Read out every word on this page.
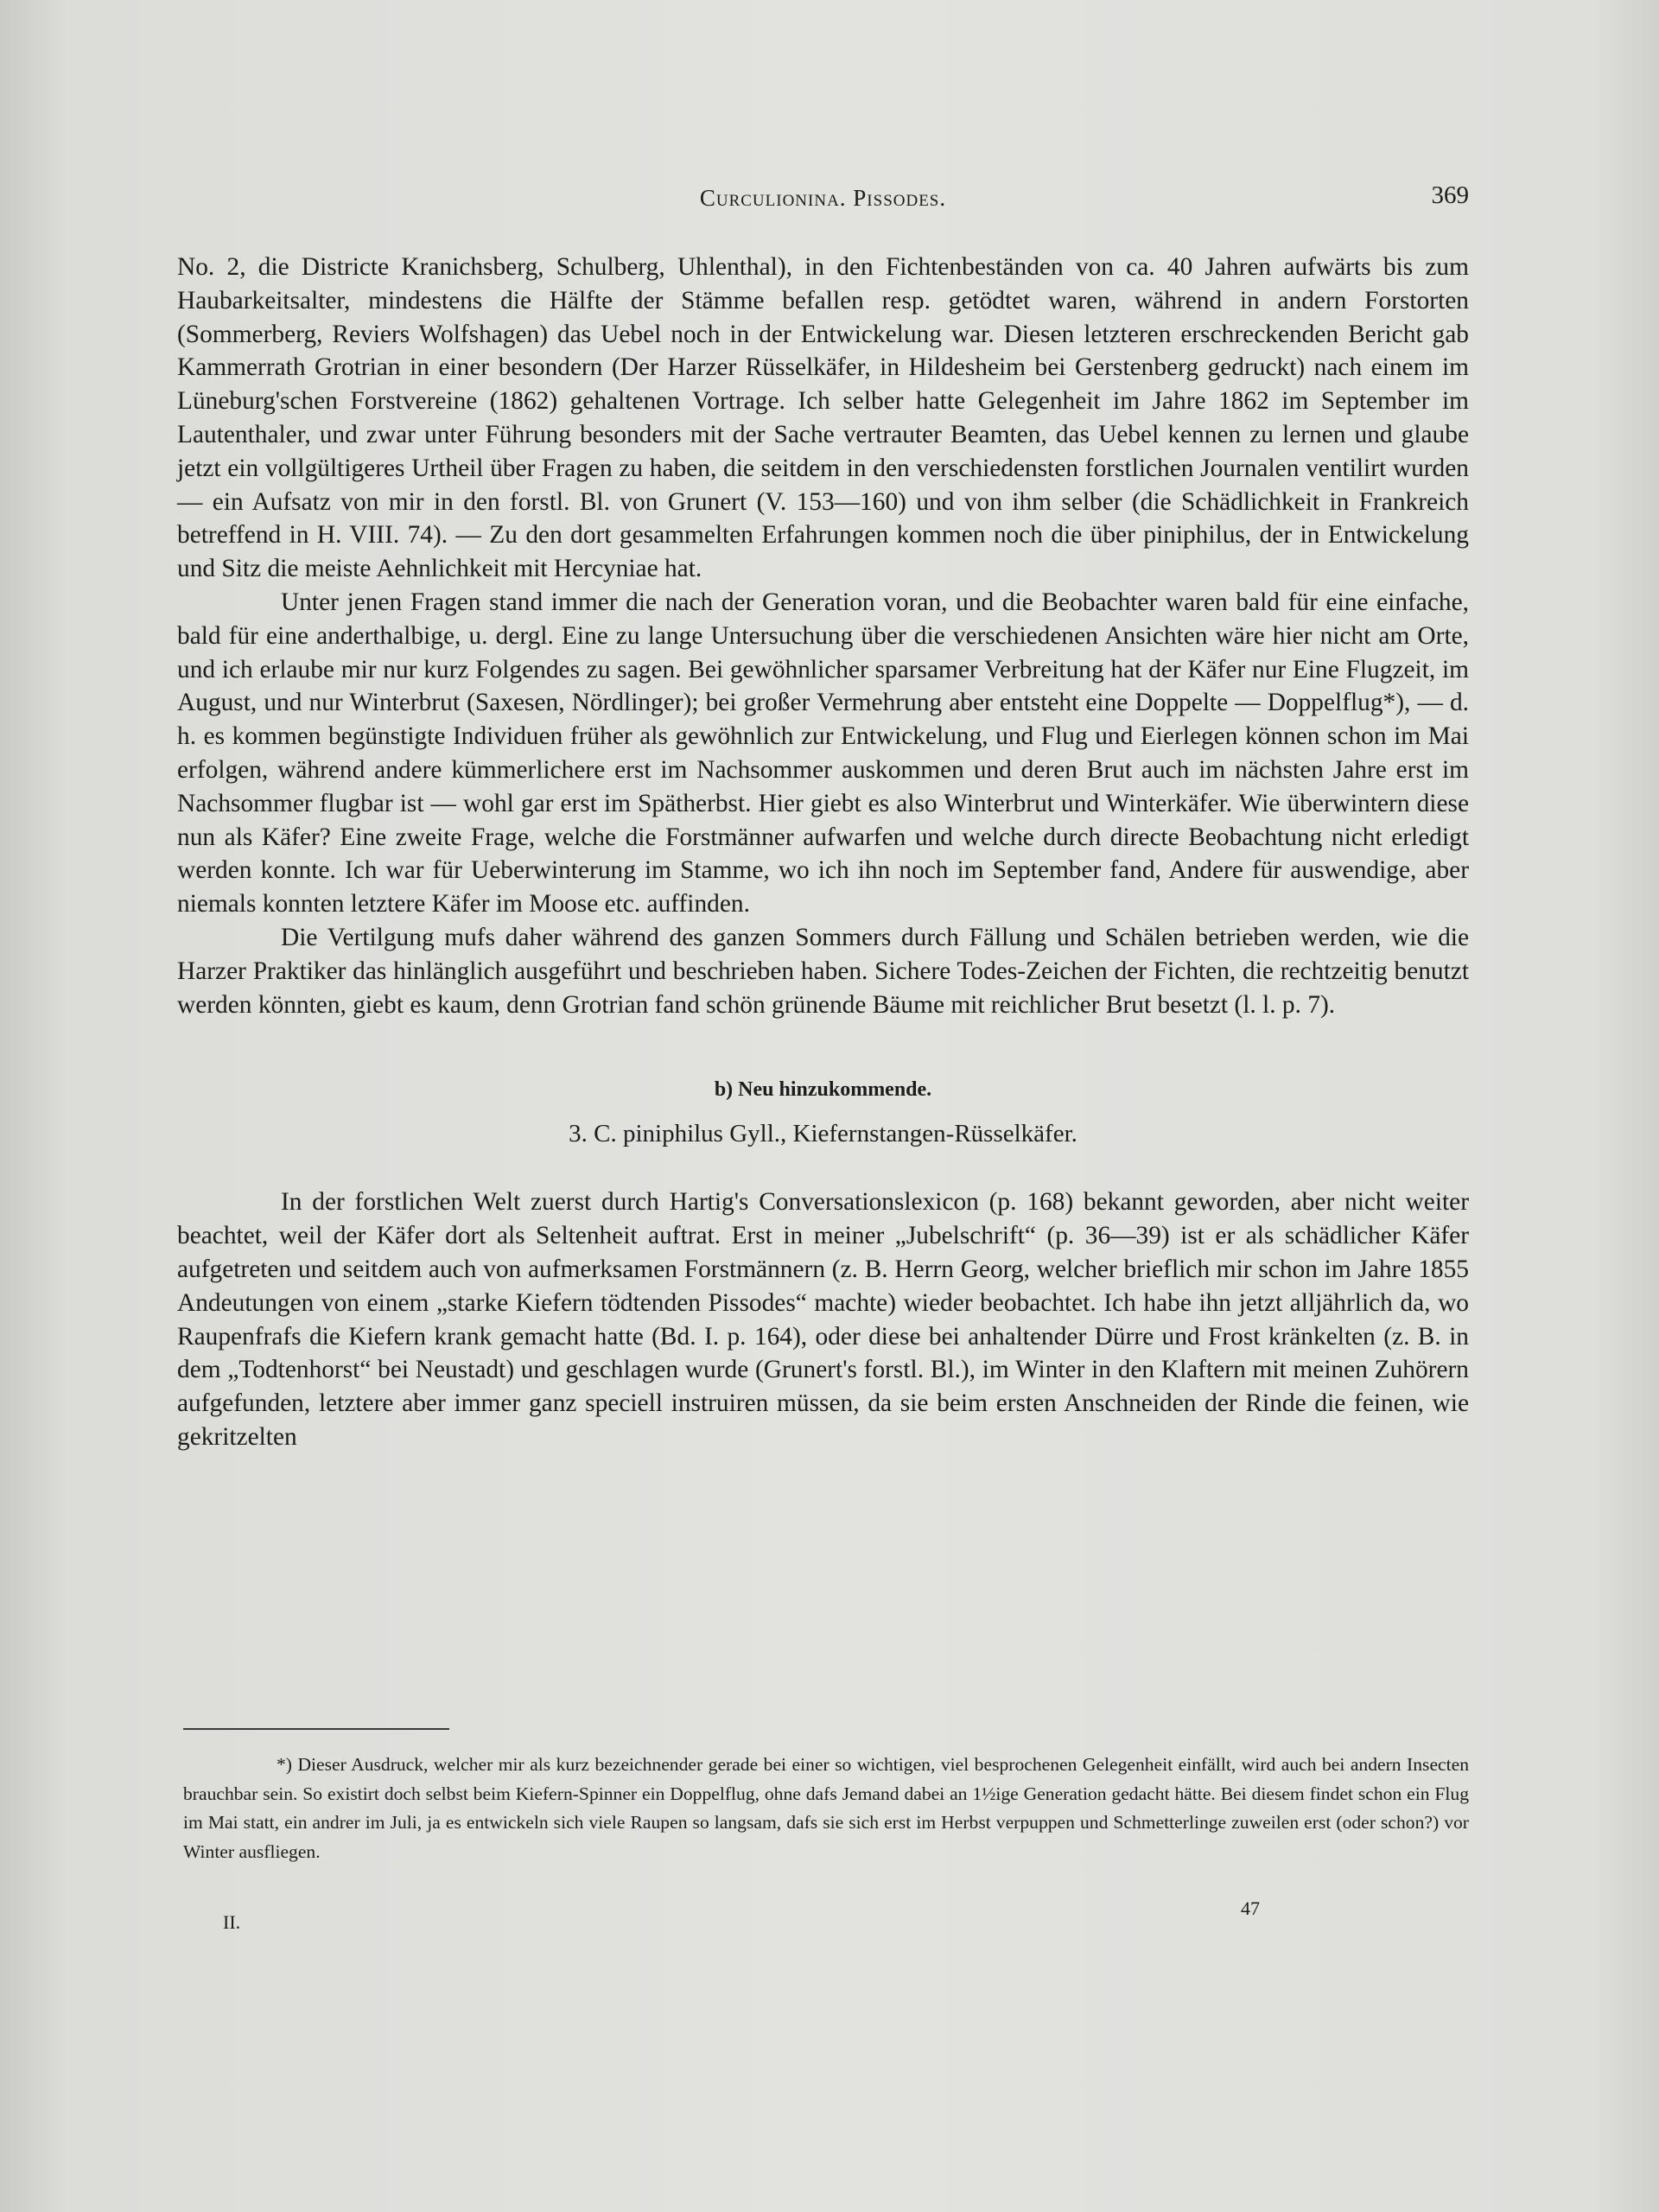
Curculionina. Pissodes.	369

No. 2, die Districte Kranichsberg, Schulberg, Uhlenthal), in den Fichtenbeständen von ca. 40 Jahren aufwärts bis zum Haubarkeitsalter, mindestens die Hälfte der Stämme befallen resp. getödtet waren, während in andern Forstorten (Sommerberg, Reviers Wolfshagen) das Uebel noch in der Entwickelung war. Diesen letzteren erschreckenden Bericht gab Kammerrath Grotrian in einer besondern (Der Harzer Rüsselkäfer, in Hildesheim bei Gerstenberg gedruckt) nach einem im Lüneburg'schen Forstvereine (1862) gehaltenen Vortrage. Ich selber hatte Gelegenheit im Jahre 1862 im September im Lautenthaler, und zwar unter Führung besonders mit der Sache vertrauter Beamten, das Uebel kennen zu lernen und glaube jetzt ein vollgültigeres Urtheil über Fragen zu haben, die seitdem in den verschiedensten forstlichen Journalen ventilirt wurden — ein Aufsatz von mir in den forstl. Bl. von Grunert (V. 153—160) und von ihm selber (die Schädlichkeit in Frankreich betreffend in H. VIII. 74). — Zu den dort gesammelten Erfahrungen kommen noch die über piniphilus, der in Entwickelung und Sitz die meiste Aehnlichkeit mit Hercyniae hat.

Unter jenen Fragen stand immer die nach der Generation voran, und die Beobachter waren bald für eine einfache, bald für eine anderthalbige, u. dergl. Eine zu lange Untersuchung über die verschiedenen Ansichten wäre hier nicht am Orte, und ich erlaube mir nur kurz Folgendes zu sagen. Bei gewöhnlicher sparsamer Verbreitung hat der Käfer nur Eine Flugzeit, im August, und nur Winterbrut (Saxesen, Nördlinger); bei großer Vermehrung aber entsteht eine Doppelte — Doppelflug*), — d. h. es kommen begünstigte Individuen früher als gewöhnlich zur Entwickelung, und Flug und Eierlegen können schon im Mai erfolgen, während andere kümmerlichere erst im Nachsommer auskommen und deren Brut auch im nächsten Jahre erst im Nachsommer flugbar ist — wohl gar erst im Spätherbst. Hier giebt es also Winterbrut und Winterkäfer. Wie überwintern diese nun als Käfer? Eine zweite Frage, welche die Forstmänner aufwarfen und welche durch directe Beobachtung nicht erledigt werden konnte. Ich war für Ueberwinterung im Stamme, wo ich ihn noch im September fand, Andere für auswendige, aber niemals konnten letztere Käfer im Moose etc. auffinden.

Die Vertilgung mufs daher während des ganzen Sommers durch Fällung und Schälen betrieben werden, wie die Harzer Praktiker das hinlänglich ausgeführt und beschrieben haben. Sichere Todes-Zeichen der Fichten, die rechtzeitig benutzt werden könnten, giebt es kaum, denn Grotrian fand schön grünende Bäume mit reichlicher Brut besetzt (l. l. p. 7).

b) Neu hinzukommende.
3. C. piniphilus Gyll., Kiefernstangen-Rüsselkäfer.

In der forstlichen Welt zuerst durch Hartig's Conversationslexicon (p. 168) bekannt geworden, aber nicht weiter beachtet, weil der Käfer dort als Seltenheit auftrat. Erst in meiner „Jubelschrift“ (p. 36—39) ist er als schädlicher Käfer aufgetreten und seitdem auch von aufmerksamen Forstmännern (z. B. Herrn Georg, welcher brieflich mir schon im Jahre 1855 Andeutungen von einem „starke Kiefern tödtenden Pissodes“ machte) wieder beobachtet. Ich habe ihn jetzt alljährlich da, wo Raupenfrafs die Kiefern krank gemacht hatte (Bd. I. p. 164), oder diese bei anhaltender Dürre und Frost kränkelten (z. B. in dem „Todtenhorst“ bei Neustadt) und geschlagen wurde (Grunert's forstl. Bl.), im Winter in den Klaftern mit meinen Zuhörern aufgefunden, letztere aber immer ganz speciell instruiren müssen, da sie beim ersten Anschneiden der Rinde die feinen, wie gekritzelten

*) Dieser Ausdruck, welcher mir als kurz bezeichnender gerade bei einer so wichtigen, viel besprochenen Gelegenheit einfällt, wird auch bei andern Insecten brauchbar sein. So existirt doch selbst beim Kiefern-Spinner ein Doppelflug, ohne dafs Jemand dabei an 1½ige Generation gedacht hätte. Bei diesem findet schon ein Flug im Mai statt, ein andrer im Juli, ja es entwickeln sich viele Raupen so langsam, dafs sie sich erst im Herbst verpuppen und Schmetterlinge zuweilen erst (oder schon?) vor Winter ausfliegen.

II.
47
